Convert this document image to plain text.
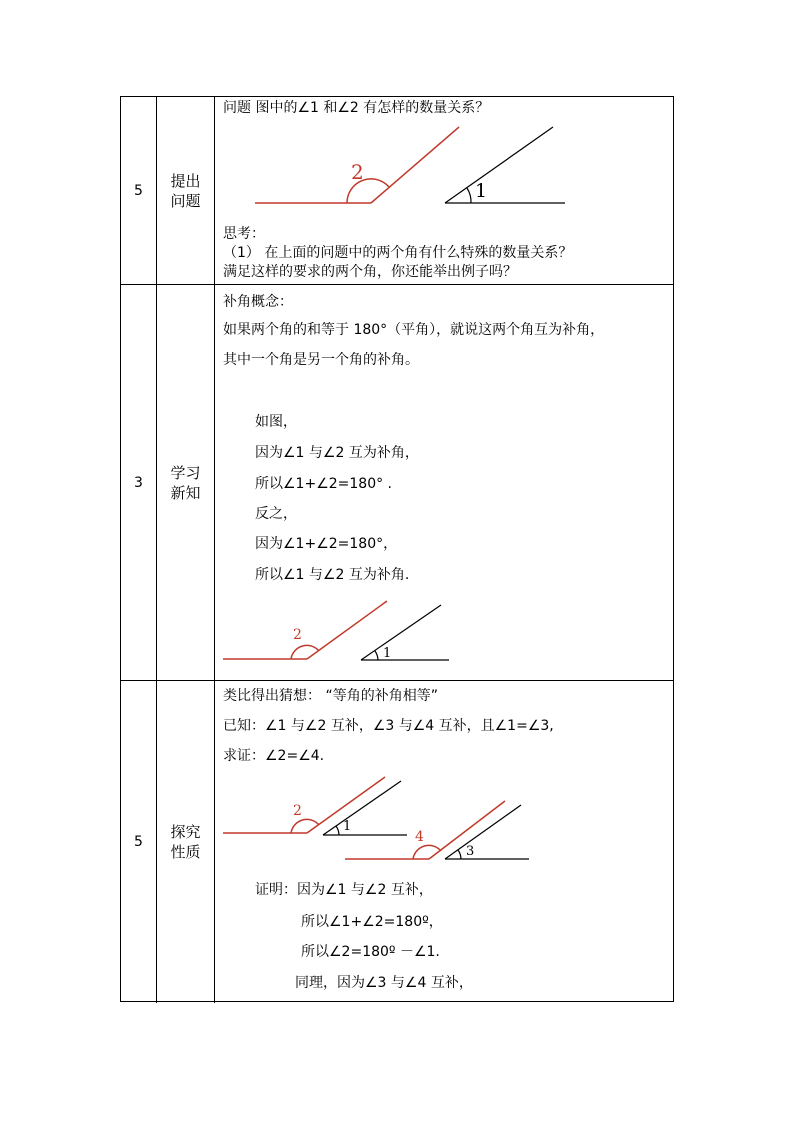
5
提出
问题
问题 图中的∠1 和∠2 有怎样的数量关系？
2
1
思考：
（1） 在上面的问题中的两个角有什么特殊的数量关系？
满足这样的要求的两个角，你还能举出例子吗？
3
学习
新知
补角概念：
如果两个角的和等于 180°（平角），就说这两个角互为补角，
其中一个角是另一个角的补角。
如图，
因为∠1 与∠2 互为补角，
所以∠1+∠2=180° .
反之，
因为∠1+∠2=180°，
所以∠1 与∠2 互为补角.
2
1
5
探究
性质
类比得出猜想： “等角的补角相等”
已知：∠1 与∠2 互补，∠3 与∠4 互补，且∠1=∠3,
求证：∠2=∠4.
2
1
4
3
证明：因为∠1 与∠2 互补，
所以∠1+∠2=180º，
所以∠2=180º －∠1.
同理，因为∠3 与∠4 互补，
